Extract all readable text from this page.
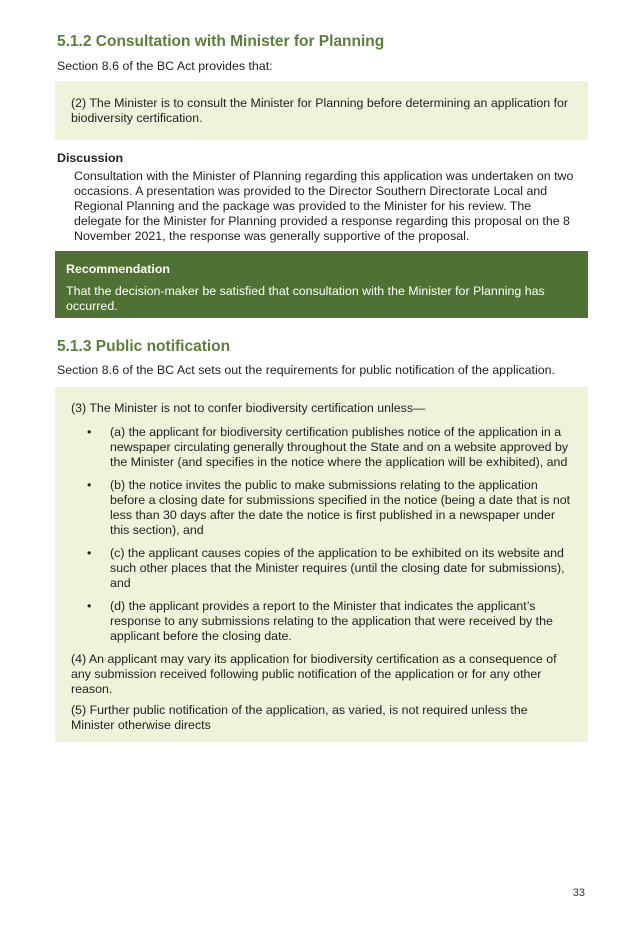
5.1.2 Consultation with Minister for Planning

Section 8.6 of the BC Act provides that:

(2) The Minister is to consult the Minister for Planning before determining an application for biodiversity certification.

Discussion

Consultation with the Minister of Planning regarding this application was undertaken on two occasions. A presentation was provided to the Director Southern Directorate Local and Regional Planning and the package was provided to the Minister for his review. The delegate for the Minister for Planning provided a response regarding this proposal on the 8 November 2021, the response was generally supportive of the proposal.

Recommendation

That the decision-maker be satisfied that consultation with the Minister for Planning has occurred.

5.1.3 Public notification

Section 8.6 of the BC Act sets out the requirements for public notification of the application.

(3) The Minister is not to confer biodiversity certification unless—

• (a) the applicant for biodiversity certification publishes notice of the application in a newspaper circulating generally throughout the State and on a website approved by the Minister (and specifies in the notice where the application will be exhibited), and
• (b) the notice invites the public to make submissions relating to the application before a closing date for submissions specified in the notice (being a date that is not less than 30 days after the date the notice is first published in a newspaper under this section), and
• (c) the applicant causes copies of the application to be exhibited on its website and such other places that the Minister requires (until the closing date for submissions), and
• (d) the applicant provides a report to the Minister that indicates the applicant’s response to any submissions relating to the application that were received by the applicant before the closing date.

(4) An applicant may vary its application for biodiversity certification as a consequence of any submission received following public notification of the application or for any other reason.

(5) Further public notification of the application, as varied, is not required unless the Minister otherwise directs

33
